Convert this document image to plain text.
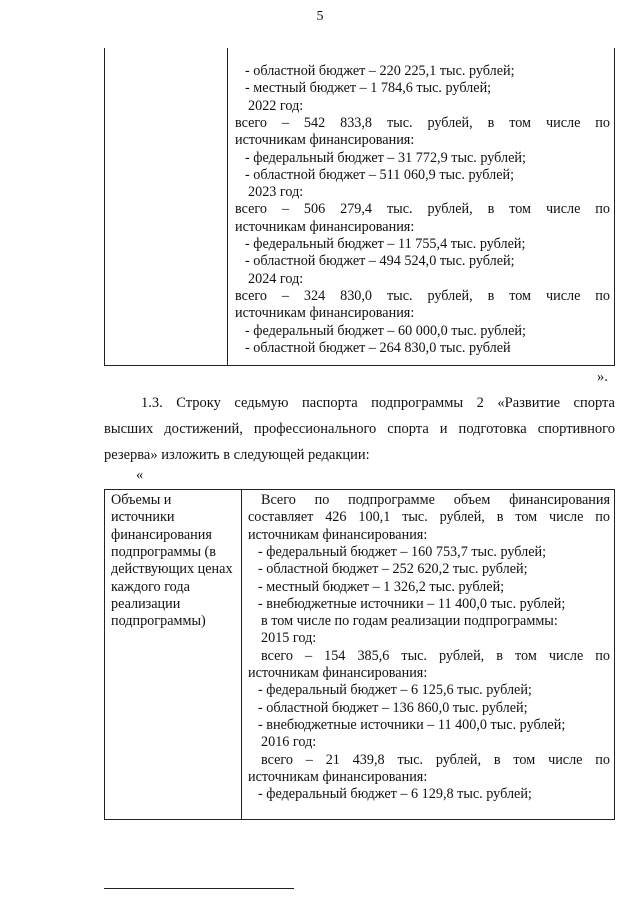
5
- областной бюджет – 220 225,1 тыс. рублей;
- местный бюджет – 1 784,6 тыс. рублей;
2022 год:
всего – 542 833,8 тыс. рублей, в том числе по
источникам финансирования:
- федеральный бюджет – 31 772,9 тыс. рублей;
- областной бюджет – 511 060,9 тыс. рублей;
2023 год:
всего – 506 279,4 тыс. рублей, в том числе по
источникам финансирования:
- федеральный бюджет – 11 755,4 тыс. рублей;
- областной бюджет – 494 524,0 тыс. рублей;
2024 год:
всего – 324 830,0 тыс. рублей, в том числе по
источникам финансирования:
- федеральный бюджет – 60 000,0 тыс. рублей;
- областной бюджет – 264 830,0 тыс. рублей
».
1.3. Строку седьмую паспорта подпрограммы 2 «Развитие спорта
высших достижений, профессионального спорта и подготовка спортивного
резерва» изложить в следующей редакции:
«
Объемы и
источники
финансирования
подпрограммы (в
действующих ценах
каждого года
реализации
подпрограммы)
Всего по подпрограмме объем финансирования
составляет 426 100,1 тыс. рублей, в том числе по
источникам финансирования:
- федеральный бюджет – 160 753,7 тыс. рублей;
- областной бюджет – 252 620,2 тыс. рублей;
- местный бюджет – 1 326,2 тыс. рублей;
- внебюджетные источники – 11 400,0 тыс. рублей;
в том числе по годам реализации подпрограммы:
2015 год:
всего – 154 385,6 тыс. рублей, в том числе по
источникам финансирования:
- федеральный бюджет – 6 125,6 тыс. рублей;
- областной бюджет – 136 860,0 тыс. рублей;
- внебюджетные источники – 11 400,0 тыс. рублей;
2016 год:
всего – 21 439,8 тыс. рублей, в том числе по
источникам финансирования:
- федеральный бюджет – 6 129,8 тыс. рублей;
